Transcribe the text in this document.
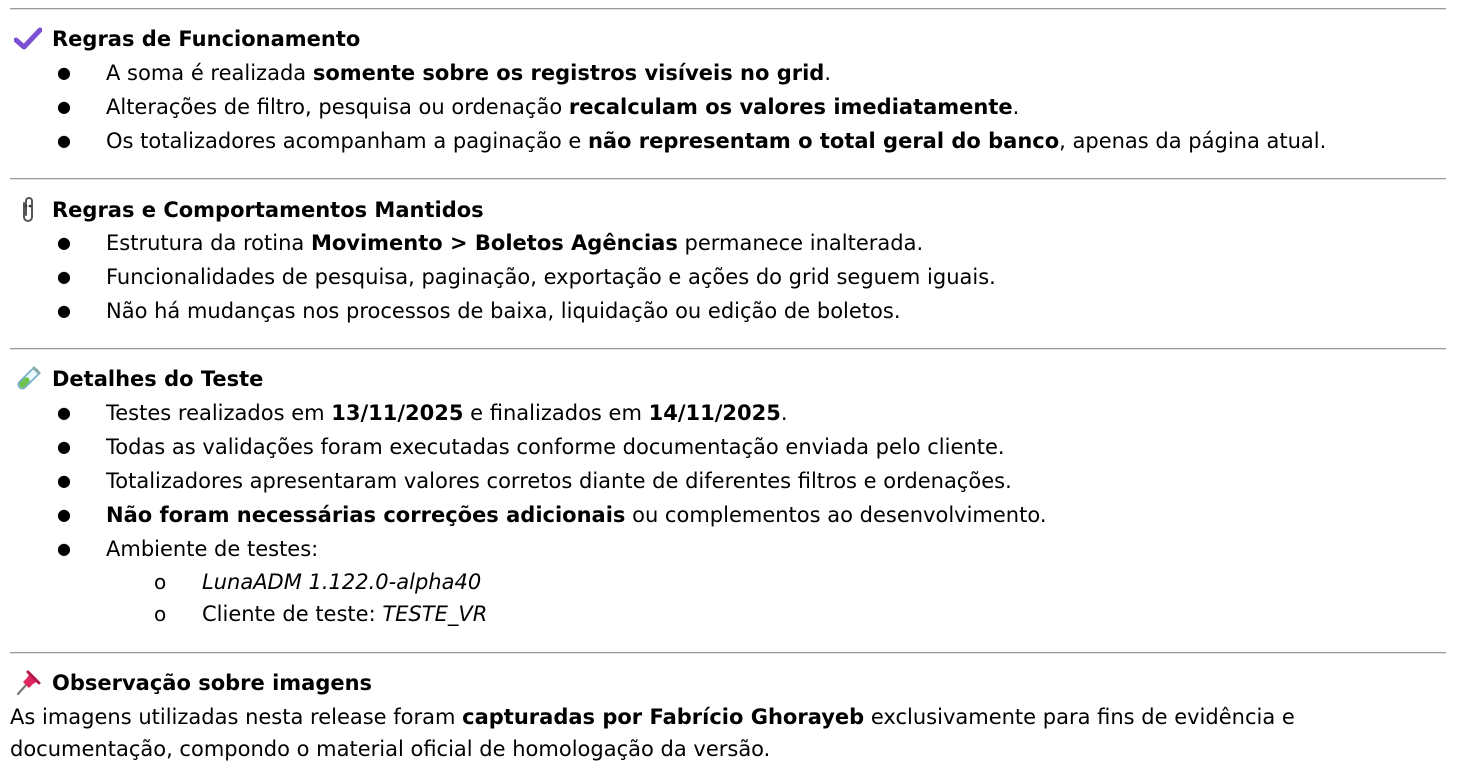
Regras de Funcionamento
●
A soma é realizada somente sobre os registros visíveis no grid.
●
Alterações de filtro, pesquisa ou ordenação recalculam os valores imediatamente.
●
Os totalizadores acompanham a paginação e não representam o total geral do banco, apenas da página atual.
Regras e Comportamentos Mantidos
●
Estrutura da rotina Movimento > Boletos Agências permanece inalterada.
●
Funcionalidades de pesquisa, paginação, exportação e ações do grid seguem iguais.
●
Não há mudanças nos processos de baixa, liquidação ou edição de boletos.
Detalhes do Teste
●
Testes realizados em 13/11/2025 e finalizados em 14/11/2025.
●
Todas as validações foram executadas conforme documentação enviada pelo cliente.
●
Totalizadores apresentaram valores corretos diante de diferentes filtros e ordenações.
●
Não foram necessárias correções adicionais ou complementos ao desenvolvimento.
●
Ambiente de testes:
o
LunaADM 1.122.0-alpha40
o
Cliente de teste: TESTE_VR
Observação sobre imagens
As imagens utilizadas nesta release foram capturadas por Fabrício Ghorayeb exclusivamente para fins de evidência e
documentação, compondo o material oficial de homologação da versão.
